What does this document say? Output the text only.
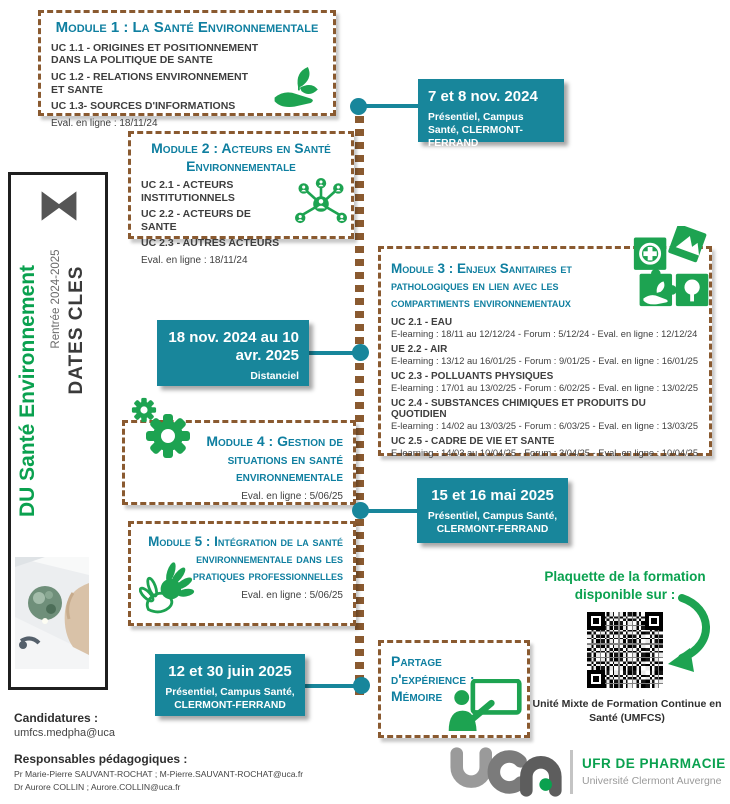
DU Santé Environnement Rentrée 2024-2025 DATES CLES
Module 1 : La Santé Environnementale
UC 1.1 - ORIGINES ET POSITIONNEMENT DANS LA POLITIQUE DE SANTE
UC 1.2 - RELATIONS ENVIRONNEMENT ET SANTE
UC 1.3- SOURCES D'INFORMATIONS
Eval. en ligne : 18/11/24
Module 2 : Acteurs en Santé Environnementale
UC 2.1 - ACTEURS INSTITUTIONNELS
UC 2.2 - ACTEURS DE SANTE
UC 2.3 - AUTRES ACTEURS
Eval. en ligne : 18/11/24
Module 3 : Enjeux Sanitaires et pathologiques en lien avec les compartiments environnementaux
UC 2.1 - EAU
E-learning : 18/11 au 12/12/24 - Forum : 5/12/24 - Eval. en ligne : 12/12/24
UE 2.2 - AIR
E-learning : 13/12 au 16/01/25 - Forum : 9/01/25 - Eval. en ligne : 16/01/25
UC 2.3 - POLLUANTS PHYSIQUES
E-learning : 17/01 au 13/02/25 - Forum : 6/02/25 - Eval. en ligne : 13/02/25
UC 2.4 - SUBSTANCES CHIMIQUES ET PRODUITS DU QUOTIDIEN
E-learning : 14/02 au 13/03/25 - Forum : 6/03/25 - Eval. en ligne : 13/03/25
UC 2.5 - CADRE DE VIE ET SANTE
E-learning : 14/03 au 10/04/25 - Forum : 3/04/25 - Eval. en ligne : 10/04/25
Module 4 : Gestion de situations en santé environnementale
Eval. en ligne : 5/06/25
Module 5 : Intégration de la santé environnementale dans les pratiques professionnelles
Eval. en ligne : 5/06/25
Partage d'expérience : Mémoire
7 et 8 nov. 2024
Présentiel, Campus Santé, CLERMONT-FERRAND
18 nov. 2024 au 10 avr. 2025
Distanciel
15 et 16 mai 2025
Présentiel, Campus Santé, CLERMONT-FERRAND
12 et 30 juin 2025
Présentiel, Campus Santé, CLERMONT-FERRAND
Plaquette de la formation disponible sur :
Unité Mixte de Formation Continue en Santé (UMFCS)
Candidatures :
umfcs.medpha@uca
Responsables pédagogiques :
Pr Marie-Pierre SAUVANT-ROCHAT ; M-Pierre.SAUVANT-ROCHAT@uca.fr
Dr Aurore COLLIN ; Aurore.COLLIN@uca.fr
UFR DE PHARMACIE
Université Clermont Auvergne
